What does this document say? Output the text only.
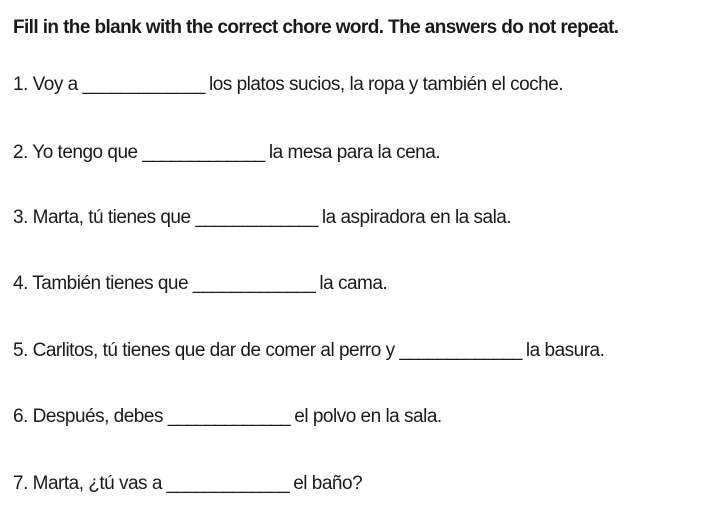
Fill in the blank with the correct chore word. The answers do not repeat.

1. Voy a _____________ los platos sucios, la ropa y también el coche.

2. Yo tengo que _____________ la mesa para la cena.

3. Marta, tú tienes que _____________ la aspiradora en la sala.

4. También tienes que _____________ la cama.

5. Carlitos, tú tienes que dar de comer al perro y _____________ la basura.

6. Después, debes _____________ el polvo en la sala.

7. Marta, ¿tú vas a _____________ el baño?
